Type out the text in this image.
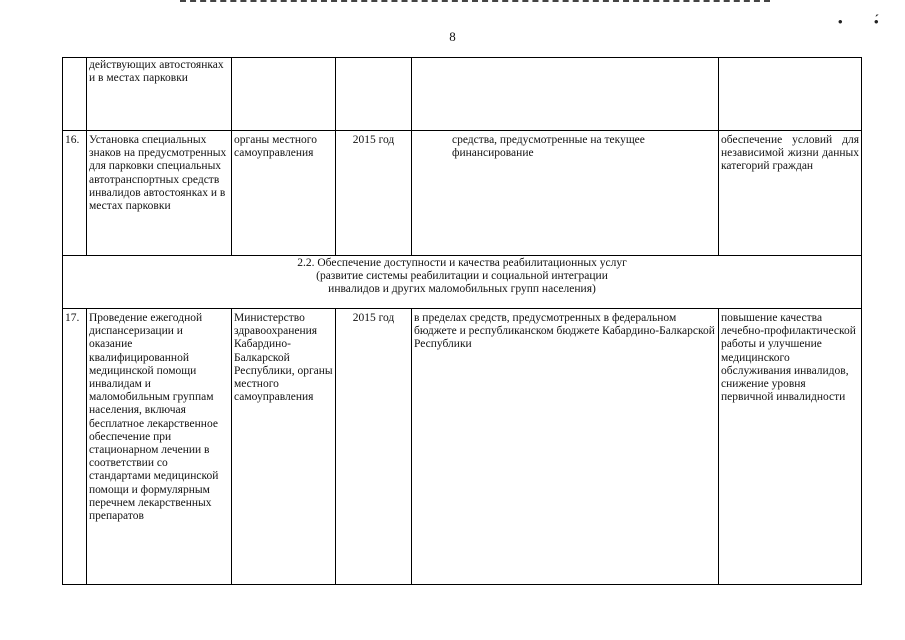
• •́
8
	действующих автостоянках и в местах парковки				
16.	Установка специальных знаков на предусмотренных для парковки специальных автотранспортных средств инвалидов автостоянках и в местах парковки	органы местного самоуправления	2015 год	средства, предусмотренные на текущее финансирование	обеспечение условий для независимой жизни данных категорий граждан

2.2. Обеспечение доступности и качества реабилитационных услуг
(развитие системы реабилитации и социальной интеграции
инвалидов и других маломобильных групп населения)					

17.	Проведение ежегодной диспансеризации и оказание квалифицированной медицинской помощи инвалидам и маломобильным группам населения, включая бесплатное лекарственное обеспечение при стационарном лечении в соответствии со стандартами медицинской помощи и формулярным перечнем лекарственных препаратов	Министерство здравоохранения Кабардино-Балкарской Республики, органы местного самоуправления	2015 год	в пределах средств, предусмотренных в федеральном бюджете и республиканском бюджете Кабардино-Балкарской Республики	повышение качества лечебно-профилактической работы и улучшение медицинского обслуживания инвалидов, снижение уровня первичной инвалидности
